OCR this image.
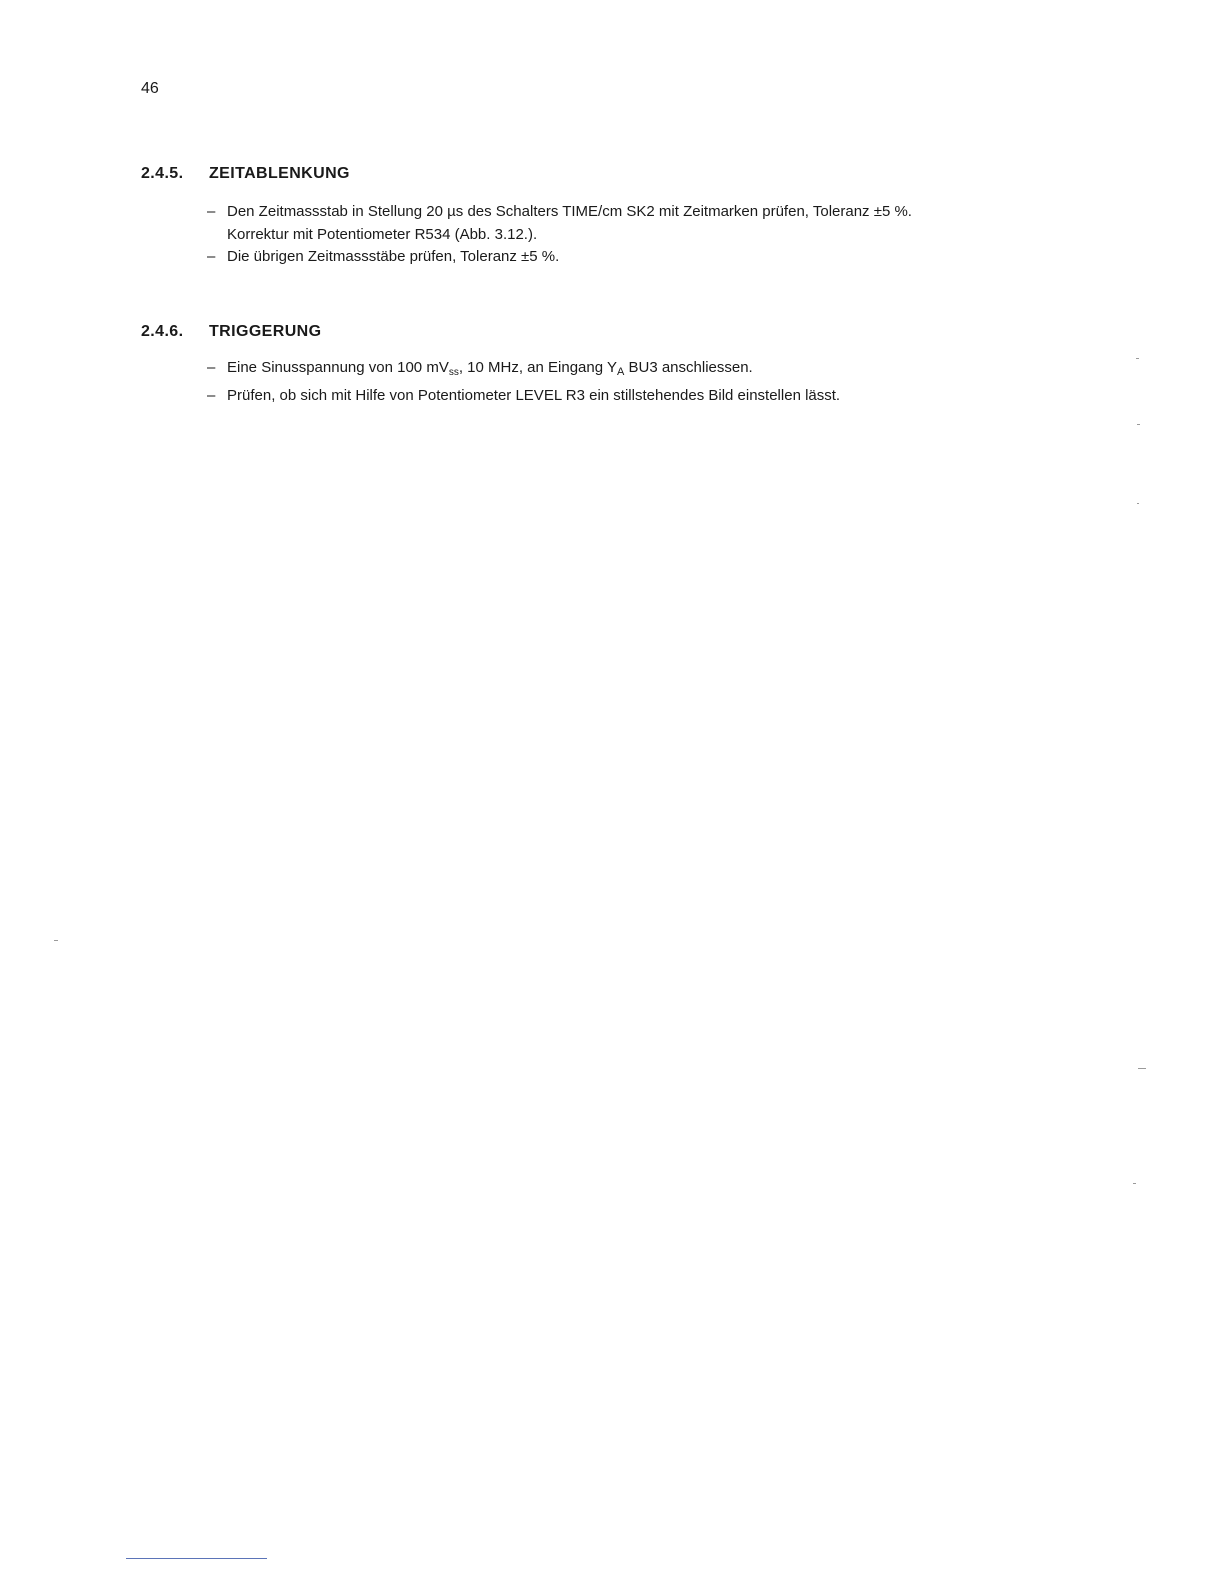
46
2.4.5. ZEITABLENKUNG
– Den Zeitmassstab in Stellung 20 µs des Schalters TIME/cm SK2 mit Zeitmarken prüfen, Toleranz ±5 %.
Korrektur mit Potentiometer R534 (Abb. 3.12.).
– Die übrigen Zeitmassstäbe prüfen, Toleranz ±5 %.
2.4.6. TRIGGERUNG
– Eine Sinusspannung von 100 $mV_{ss}$, 10 MHz, an Eingang $Y_A$ BU3 anschliessen.
– Prüfen, ob sich mit Hilfe von Potentiometer LEVEL R3 ein stillstehendes Bild einstellen lässt.
